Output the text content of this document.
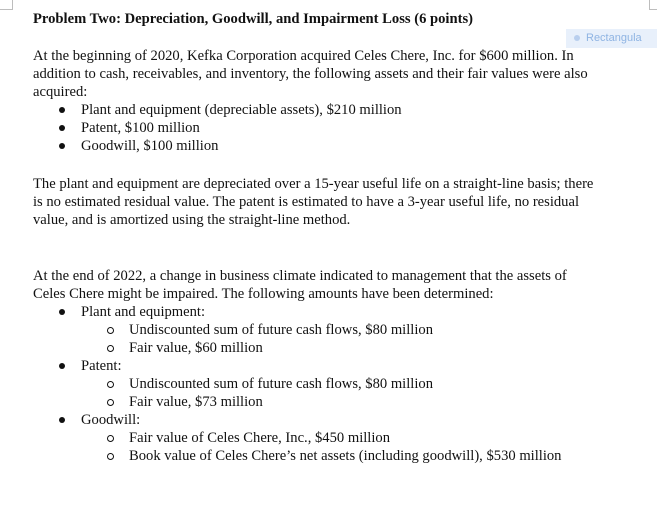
Rectangula

Problem Two: Depreciation, Goodwill, and Impairment Loss (6 points)

At the beginning of 2020, Kefka Corporation acquired Celes Chere, Inc. for $600 million. In

addition to cash, receivables, and inventory, the following assets and their fair values were also

acquired:

Plant and equipment (depreciable assets), $210 million
Patent, $100 million
Goodwill, $100 million

The plant and equipment are depreciated over a 15-year useful life on a straight-line basis; there

is no estimated residual value. The patent is estimated to have a 3-year useful life, no residual

value, and is amortized using the straight-line method.

At the end of 2022, a change in business climate indicated to management that the assets of

Celes Chere might be impaired. The following amounts have been determined:

Plant and equipment:
Undiscounted sum of future cash flows, $80 million
Fair value, $60 million
Patent:
Undiscounted sum of future cash flows, $80 million
Fair value, $73 million
Goodwill:
Fair value of Celes Chere, Inc., $450 million
Book value of Celes Chere’s net assets (including goodwill), $530 million
